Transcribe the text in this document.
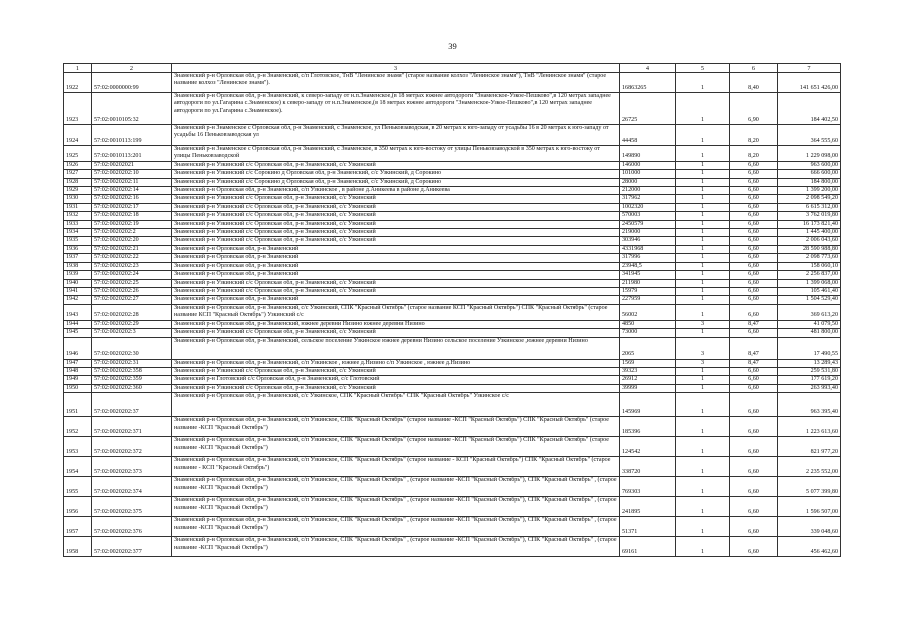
39
1	2	3	4	5	6	7
1922	57:02:0000000:99	Знаменский р-н Орловская обл, р-н Знаменский, с/п Глотовское, ТнВ "Ленинское знамя" (старое название колхоз "Ленинское знамя"), ТнВ "Ленинское знамя" (старое название колхоз "Ленинское знамя").	16863265	1	8,40	141 651 426,00
1923	57:02:0010105:32	Знаменский р-н Орловская обл, р-н Знаменский, к северо-западу от н.п.Знаменское,(в 18 метрах южнее автодороги "Знаменское-Узкое-Пешково",в 120 метрах западнее автодороги по ул.Гагарина с.Знаменское) к северо-западу от н.п.Знаменское,(в 18 метрах южнее автодороги "Знаменское-Узкое-Пешково",в 120 метрах западнее автодороги по ул.Гагарина с.Знаменское).	26725	1	6,90	184 402,50
1924	57:02:0010113:199	Знаменский р-н Знаменское с Орловская обл, р-н Знаменский, с Знаменское, ул Пеньковзаводская, в 20 метрах к юго-западу от усадьбы 16 в 20 метрах к юго-западу от усадьбы 16 Пеньковзаводская ул	44458	1	8,20	364 555,60
1925	57:02:0010113:201	Знаменский р-н Знаменское с Орловская обл, р-н Знаменский, с Знаменское, в 350 метрах к юго-востоку от улицы Пеньковзаводской в 350 метрах к юго-востоку от улицы Пеньковзаводской	149890	1	8,20	1 229 098,00
1926	57:02:00202021	Знаменский р-н Узкинский с/с Орловская обл, р-н Знаменский, с/с Узкинский	146000	1	6,60	963 600,00
1927	57:02:0020202:10	Знаменский р-н Узкинский с/с Сорокино д Орловская обл, р-н Знаменский, с/с Узкинский, д Сорокино	101000	1	6,60	666 600,00
1928	57:02:0020202:11	Знаменский р-н Узкинский с/с Сорокино д Орловская обл, р-н Знаменский, с/с Узкинский, д Сорокино	28000	1	6,60	184 800,00
1929	57:02:0020202:14	Знаменский р-н Орловская обл, р-н Знаменский, с/п Узкинское , в районе д.Аникеева в районе д.Аникеева	212000	1	6,60	1 399 200,00
1930	57:02:0020202:16	Знаменский р-н Узкинский с/с Орловская обл, р-н Знаменский, с/с Узкинский	317962	1	6,60	2 098 549,20
1931	57:02:0020202:17	Знаменский р-н Узкинский с/с Орловская обл, р-н Знаменский, с/с Узкинский	1002320	1	6,60	6 615 312,00
1932	57:02:0020202:18	Знаменский р-н Узкинский с/с Орловская обл, р-н Знаменский, с/с Узкинский	570003	1	6,60	3 762 019,80
1933	57:02:0020202:19	Знаменский р-н Узкинский с/с Орловская обл, р-н Знаменский, с/с Узкинский	2450579	1	6,60	16 173 821,40
1934	57:02:0020202:2	Знаменский р-н Узкинский с/с Орловская обл, р-н Знаменский, с/с Узкинский	219000	1	6,60	1 445 400,00
1935	57:02:0020202:20	Знаменский р-н Узкинский с/с Орловская обл, р-н Знаменский, с/с Узкинский	303946	1	6,60	2 006 043,60
1936	57:02:0020202:21	Знаменский р-н Орловская обл, р-н Знаменский	4331968	1	6,60	28 590 988,80
1937	57:02:0020202:22	Знаменский р-н Орловская обл, р-н Знаменский	317996	1	6,60	2 098 773,60
1938	57:02:0020202:23	Знаменский р-н Орловская обл, р-н Знаменский	23948,5	1	6,60	158 060,10
1939	57:02:0020202:24	Знаменский р-н Орловская обл, р-н Знаменский	341945	1	6,60	2 256 837,00
1940	57:02:0020202:25	Знаменский р-н Узкинский с/с Орловская обл, р-н Знаменский, с/с Узкинский	211980	1	6,60	1 399 068,00
1941	57:02:0020202:26	Знаменский р-н Узкинский с/с Орловская обл, р-н Знаменский, с/с Узкинский	15979	1	6,60	105 461,40
1942	57:02:0020202:27	Знаменский р-н Орловская обл, р-н Знаменский	227959	1	6,60	1 504 529,40
1943	57:02:0020202:28	Знаменский р-н Орловская обл, р-н Знаменский, с/с Узкинский, СПК "Красный Октябрь" (старое название КСП "Красный Октябрь") СПК "Красный Октябрь" (старое название КСП "Красный Октябрь") Узкинский с/с	56002	1	6,60	369 613,20
1944	57:02:0020202:29	Знаменский р-н Орловская обл, р-н Знаменский, южнее деревни Низино южнее деревни Низино	4850	3	8,47	41 079,50
1945	57:02:0020202:3	Знаменский р-н Узкинский с/с Орловская обл, р-н Знаменский, с/с Узкинский	73000	1	6,60	481 800,00
1946	57:02:0020202:30	Знаменский р-н Орловская обл, р-н Знаменский, сельское поселение Узкинское южнее деревни Низино сельское поселение Узкинское ,южнее деревни Низино	2065	3	8,47	17 490,55
1947	57:02:0020202:31	Знаменский р-н Орловская обл, р-н Знаменский, с/п Узкинское , южнее д.Низино с/п Узкинское , южнее д.Низино	1569	3	8,47	13 289,43
1948	57:02:0020202:358	Знаменский р-н Узкинский с/с Орловская обл, р-н Знаменский, с/с Узкинский	39323	1	6,60	259 531,80
1949	57:02:0020202:359	Знаменский р-н Глотовский с/с Орловская обл, р-н Знаменский, с/с Глотовский	26912	1	6,60	177 619,20
1950	57:02:0020202:360	Знаменский р-н Узкинский с/с Орловская обл, р-н Знаменский, с/с Узкинский	39999	1	6,60	263 993,40
1951	57:02:0020202:37	Знаменский р-н Орловская обл, р-н Знаменский, с/с Узкинское, СПК "Красный Октябрь" СПК "Красный Октябрь" Узкинское с/с	145969	1	6,60	963 395,40
1952	57:02:0020202:371	Знаменский р-н Орловская обл, р-н Знаменский, с/п Узкинское, СПК "Красный Октябрь" (старое название -КСП "Красный Октябрь") СПК "Красный Октябрь" (старое название -КСП "Красный Октябрь")	185396	1	6,60	1 223 613,60
1953	57:02:0020202:372	Знаменский р-н Орловская обл, р-н Знаменский, с/п Узкинское, СПК "Красный Октябрь" (старое название -КСП "Красный Октябрь") СПК "Красный Октябрь" (старое название -КСП "Красный Октябрь")	124542	1	6,60	821 977,20
1954	57:02:0020202:373	Знаменский р-н Орловская обл, р-н Знаменский, с/п Узкинское, СПК "Красный Октябрь" (старое название - КСП "Красный Октябрь") СПК "Красный Октябрь" (старое название - КСП "Красный Октябрь")	338720	1	6,60	2 235 552,00
1955	57:02:0020202:374	Знаменский р-н Орловская обл, р-н Знаменский, с/п Узкинское, СПК "Красный Октябрь" , (старое название -КСП "Красный Октябрь"), СПК "Красный Октябрь" , (старое название -КСП "Красный Октябрь")	769303	1	6,60	5 077 399,80
1956	57:02:0020202:375	Знаменский р-н Орловская обл, р-н Знаменский, с/п Узкинское, СПК "Красный Октябрь" , (старое название -КСП "Красный Октябрь"), СПК "Красный Октябрь" , (старое название -КСП "Красный Октябрь")	241895	1	6,60	1 596 507,00
1957	57:02:0020202:376	Знаменский р-н Орловская обл, р-н Знаменский, с/п Узкинское, СПК "Красный Октябрь" , (старое название -КСП "Красный Октябрь"), СПК "Красный Октябрь" , (старое название -КСП "Красный Октябрь")	51371	1	6,60	339 048,60
1958	57:02:0020202:377	Знаменский р-н Орловская обл, р-н Знаменский, с/п Узкинское, СПК "Красный Октябрь" , (старое название -КСП "Красный Октябрь"), СПК "Красный Октябрь" , (старое название -КСП "Красный Октябрь")	69161	1	6,60	456 462,60
